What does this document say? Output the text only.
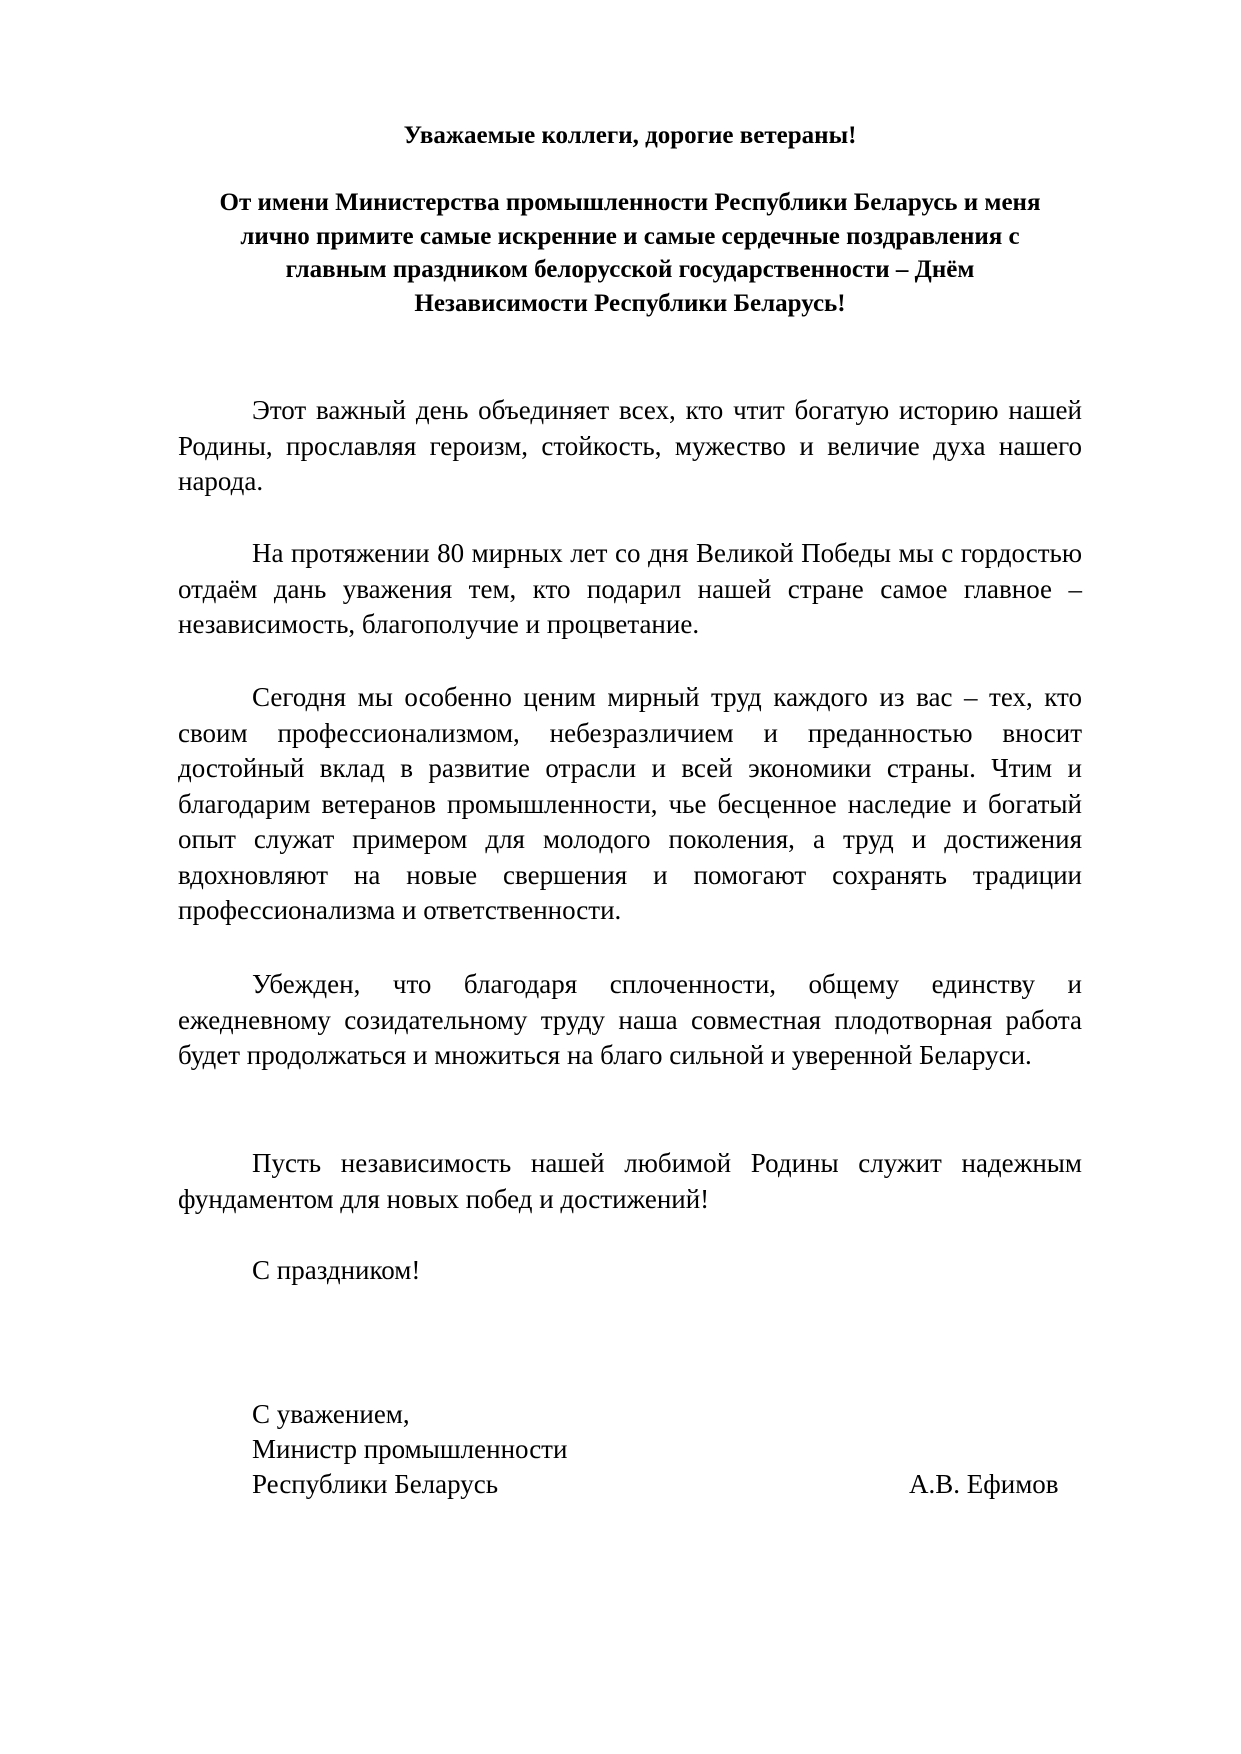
Уважаемые коллеги, дорогие ветераны!

От имени Министерства промышленности Республики Беларусь и меня
лично примите самые искренние и самые сердечные поздравления с
главным праздником белорусской государственности – Днём
Независимости Республики Беларусь!

Этот важный день объединяет всех, кто чтит богатую историю нашей Родины, прославляя героизм, стойкость, мужество и величие духа нашего народа.

На протяжении 80 мирных лет со дня Великой Победы мы с гордостью отдаём дань уважения тем, кто подарил нашей стране самое главное – независимость, благополучие и процветание.

Сегодня мы особенно ценим мирный труд каждого из вас – тех, кто своим профессионализмом, небезразличием и преданностью вносит достойный вклад в развитие отрасли и всей экономики страны. Чтим и благодарим ветеранов промышленности, чье бесценное наследие и богатый опыт служат примером для молодого поколения, а труд и достижения вдохновляют на новые свершения и помогают сохранять традиции профессионализма и ответственности.

Убежден, что благодаря сплоченности, общему единству и ежедневному созидательному труду наша совместная плодотворная работа будет продолжаться и множиться на благо сильной и уверенной Беларуси.

Пусть независимость нашей любимой Родины служит надежным фундаментом для новых побед и достижений!

С праздником!

С уважением,

Министр промышленности

Республики Беларусь	А.В. Ефимов
